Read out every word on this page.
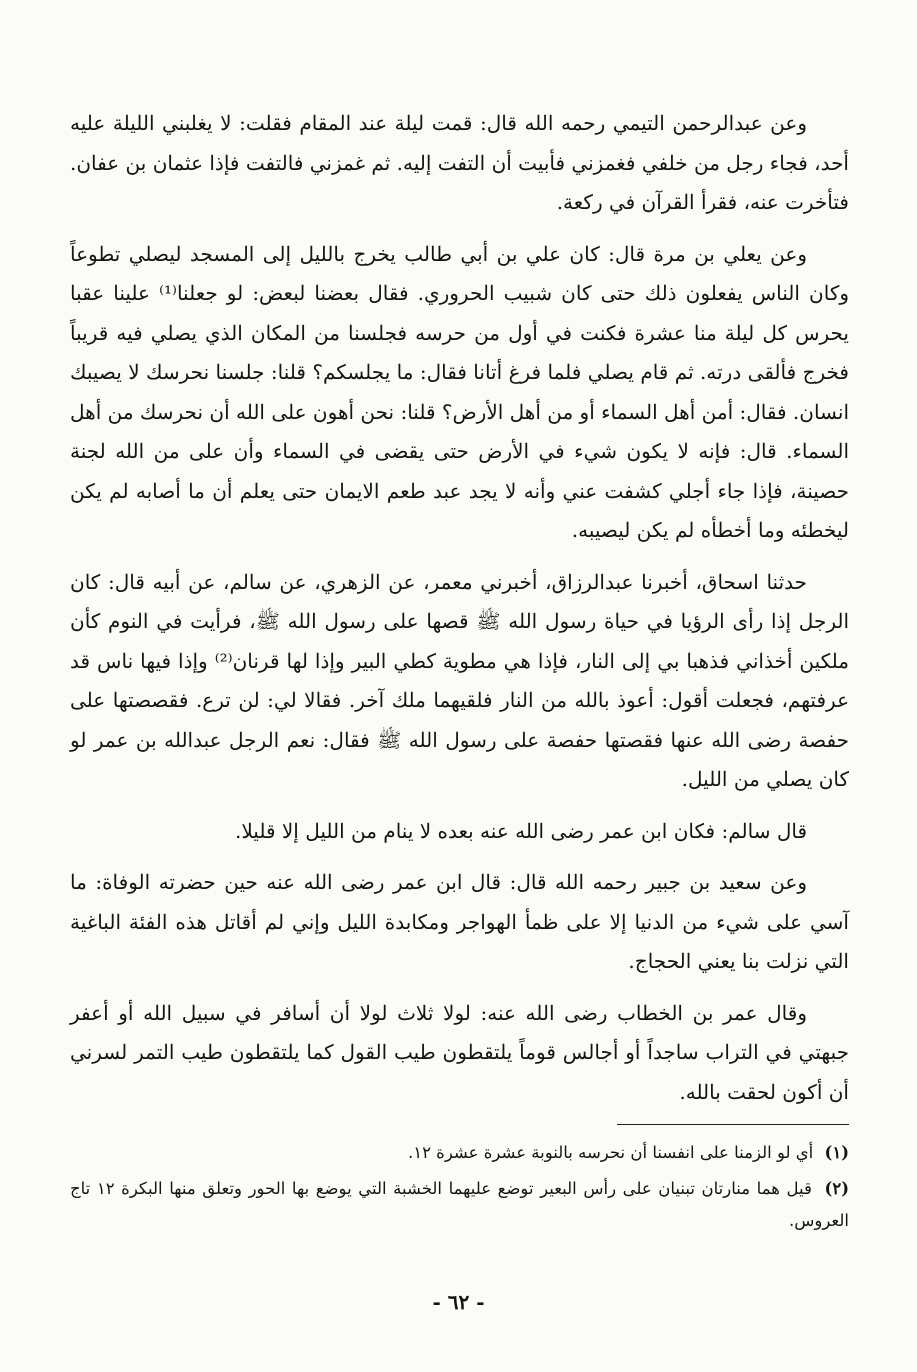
وعن عبدالرحمن التيمي رحمه الله قال: قمت ليلة عند المقام فقلت: لا يغلبني الليلة عليه أحد، فجاء رجل من خلفي فغمزني فأبيت أن التفت إليه. ثم غمزني فالتفت فإذا عثمان بن عفان. فتأخرت عنه، فقرأ القرآن في ركعة.

وعن يعلي بن مرة قال: كان علي بن أبي طالب يخرج بالليل إلى المسجد ليصلي تطوعاً وكان الناس يفعلون ذلك حتى كان شبيب الحروري. فقال بعضنا لبعض: لو جعلنا⁽¹⁾ علينا عقبا يحرس كل ليلة منا عشرة فكنت في أول من حرسه فجلسنا من المكان الذي يصلي فيه قريباً فخرج فألقى درته. ثم قام يصلي فلما فرغ أتانا فقال: ما يجلسكم؟ قلنا: جلسنا نحرسك لا يصيبك انسان. فقال: أمن أهل السماء أو من أهل الأرض؟ قلنا: نحن أهون على الله أن نحرسك من أهل السماء. قال: فإنه لا يكون شيء في الأرض حتى يقضى في السماء وأن على من الله لجنة حصينة، فإذا جاء أجلي كشفت عني وأنه لا يجد عبد طعم الايمان حتى يعلم أن ما أصابه لم يكن ليخطئه وما أخطأه لم يكن ليصيبه.

حدثنا اسحاق، أخبرنا عبدالرزاق، أخبرني معمر، عن الزهري، عن سالم، عن أبيه قال: كان الرجل إذا رأى الرؤيا في حياة رسول الله ﷺ قصها على رسول الله ﷺ، فرأيت في النوم كأن ملكين أخذاني فذهبا بي إلى النار، فإذا هي مطوية كطي البير وإذا لها قرنان⁽²⁾ وإذا فيها ناس قد عرفتهم، فجعلت أقول: أعوذ بالله من النار فلقيهما ملك آخر. فقالا لي: لن ترع. فقصصتها على حفصة رضى الله عنها فقصتها حفصة على رسول الله ﷺ فقال: نعم الرجل عبدالله بن عمر لو كان يصلي من الليل.

قال سالم: فكان ابن عمر رضى الله عنه بعده لا ينام من الليل إلا قليلا.

وعن سعيد بن جبير رحمه الله قال: قال ابن عمر رضى الله عنه حين حضرته الوفاة: ما آسي على شيء من الدنيا إلا على ظمأ الهواجر ومكابدة الليل وإني لم أقاتل هذه الفئة الباغية التي نزلت بنا يعني الحجاج.

وقال عمر بن الخطاب رضى الله عنه: لولا ثلاث لولا أن أسافر في سبيل الله أو أعفر جبهتي في التراب ساجداً أو أجالس قوماً يلتقطون طيب القول كما يلتقطون طيب التمر لسرني أن أكون لحقت بالله.

(١) أي لو الزمنا على انفسنا أن نحرسه بالنوبة عشرة عشرة ١٢.

(٢) قيل هما منارتان تبنيان على رأس البعير توضع عليهما الخشبة التي يوضع بها الحور وتعلق منها البكرة ١٢ تاج العروس.

- ٦٢ -
